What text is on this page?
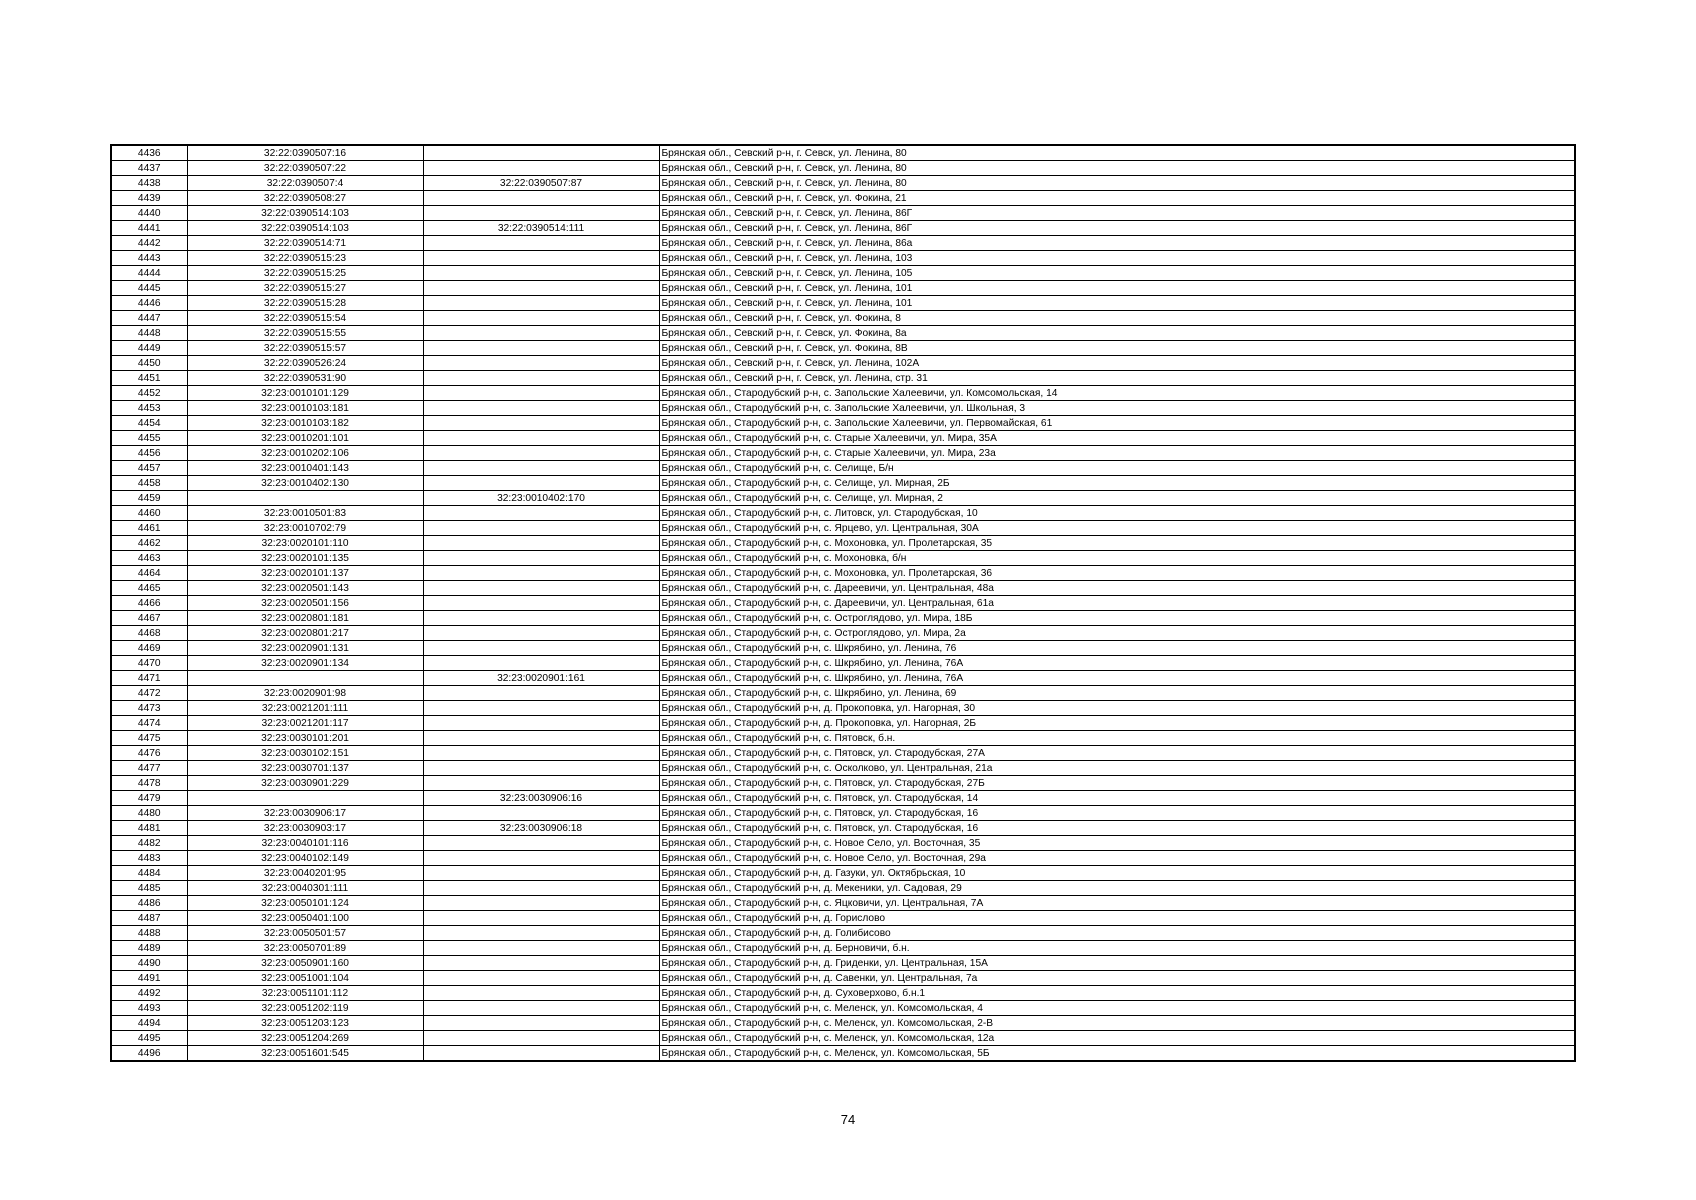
4436	32:22:0390507:16		Брянская обл., Севский р-н, г. Севск, ул. Ленина, 80
4437	32:22:0390507:22		Брянская обл., Севский р-н, г. Севск, ул. Ленина, 80
4438	32:22:0390507:4	32:22:0390507:87	Брянская обл., Севский р-н, г. Севск, ул. Ленина, 80
4439	32:22:0390508:27		Брянская обл., Севский р-н, г. Севск, ул. Фокина, 21
4440	32:22:0390514:103		Брянская обл., Севский р-н, г. Севск, ул. Ленина, 86Г
4441	32:22:0390514:103	32:22:0390514:111	Брянская обл., Севский р-н, г. Севск, ул. Ленина, 86Г
4442	32:22:0390514:71		Брянская обл., Севский р-н, г. Севск, ул. Ленина, 86а
4443	32:22:0390515:23		Брянская обл., Севский р-н, г. Севск, ул. Ленина, 103
4444	32:22:0390515:25		Брянская обл., Севский р-н, г. Севск, ул. Ленина, 105
4445	32:22:0390515:27		Брянская обл., Севский р-н, г. Севск, ул. Ленина, 101
4446	32:22:0390515:28		Брянская обл., Севский р-н, г. Севск, ул. Ленина, 101
4447	32:22:0390515:54		Брянская обл., Севский р-н, г. Севск, ул. Фокина, 8
4448	32:22:0390515:55		Брянская обл., Севский р-н, г. Севск, ул. Фокина, 8а
4449	32:22:0390515:57		Брянская обл., Севский р-н, г. Севск, ул. Фокина, 8В
4450	32:22:0390526:24		Брянская обл., Севский р-н, г. Севск, ул. Ленина, 102А
4451	32:22:0390531:90		Брянская обл., Севский р-н, г. Севск, ул. Ленина, стр. 31
4452	32:23:0010101:129		Брянская обл., Стародубский р-н, с. Запольские Халеевичи, ул. Комсомольская, 14
4453	32:23:0010103:181		Брянская обл., Стародубский р-н, с. Запольские Халеевичи, ул. Школьная, 3
4454	32:23:0010103:182		Брянская обл., Стародубский р-н, с. Запольские Халеевичи, ул. Первомайская, 61
4455	32:23:0010201:101		Брянская обл., Стародубский р-н, с. Старые Халеевичи, ул. Мира, 35А
4456	32:23:0010202:106		Брянская обл., Стародубский р-н, с. Старые Халеевичи, ул. Мира, 23а
4457	32:23:0010401:143		Брянская обл., Стародубский р-н, с. Селище, Б/н
4458	32:23:0010402:130		Брянская обл., Стародубский р-н, с. Селище, ул. Мирная, 2Б
4459		32:23:0010402:170	Брянская обл., Стародубский р-н, с. Селище, ул. Мирная, 2
4460	32:23:0010501:83		Брянская обл., Стародубский р-н, с. Литовск, ул. Стародубская, 10
4461	32:23:0010702:79		Брянская обл., Стародубский р-н, с. Ярцево, ул. Центральная, 30А
4462	32:23:0020101:110		Брянская обл., Стародубский р-н, с. Мохоновка, ул. Пролетарская, 35
4463	32:23:0020101:135		Брянская обл., Стародубский р-н, с. Мохоновка, б/н
4464	32:23:0020101:137		Брянская обл., Стародубский р-н, с. Мохоновка, ул. Пролетарская, 36
4465	32:23:0020501:143		Брянская обл., Стародубский р-н, с. Дареевичи, ул. Центральная, 48а
4466	32:23:0020501:156		Брянская обл., Стародубский р-н, с. Дареевичи, ул. Центральная, 61а
4467	32:23:0020801:181		Брянская обл., Стародубский р-н, с. Остроглядово, ул. Мира, 18Б
4468	32:23:0020801:217		Брянская обл., Стародубский р-н, с. Остроглядово, ул. Мира, 2а
4469	32:23:0020901:131		Брянская обл., Стародубский р-н, с. Шкрябино, ул. Ленина, 76
4470	32:23:0020901:134		Брянская обл., Стародубский р-н, с. Шкрябино, ул. Ленина, 76А
4471		32:23:0020901:161	Брянская обл., Стародубский р-н, с. Шкрябино, ул. Ленина, 76А
4472	32:23:0020901:98		Брянская обл., Стародубский р-н, с. Шкрябино, ул. Ленина, 69
4473	32:23:0021201:111		Брянская обл., Стародубский р-н, д. Прокоповка, ул. Нагорная, 30
4474	32:23:0021201:117		Брянская обл., Стародубский р-н, д. Прокоповка, ул. Нагорная, 2Б
4475	32:23:0030101:201		Брянская обл., Стародубский р-н, с. Пятовск, б.н.
4476	32:23:0030102:151		Брянская обл., Стародубский р-н, с. Пятовск, ул. Стародубская, 27А
4477	32:23:0030701:137		Брянская обл., Стародубский р-н, с. Осколково, ул. Центральная, 21а
4478	32:23:0030901:229		Брянская обл., Стародубский р-н, с. Пятовск, ул. Стародубская, 27Б
4479		32:23:0030906:16	Брянская обл., Стародубский р-н, с. Пятовск, ул. Стародубская, 14
4480	32:23:0030906:17		Брянская обл., Стародубский р-н, с. Пятовск, ул. Стародубская, 16
4481	32:23:0030903:17	32:23:0030906:18	Брянская обл., Стародубский р-н, с. Пятовск, ул. Стародубская, 16
4482	32:23:0040101:116		Брянская обл., Стародубский р-н, с. Новое Село, ул. Восточная, 35
4483	32:23:0040102:149		Брянская обл., Стародубский р-н, с. Новое Село, ул. Восточная, 29а
4484	32:23:0040201:95		Брянская обл., Стародубский р-н, д. Газуки, ул. Октябрьская, 10
4485	32:23:0040301:111		Брянская обл., Стародубский р-н, д. Мекеники, ул. Садовая, 29
4486	32:23:0050101:124		Брянская обл., Стародубский р-н, с. Яцковичи, ул. Центральная, 7А
4487	32:23:0050401:100		Брянская обл., Стародубский р-н, д. Горислово
4488	32:23:0050501:57		Брянская обл., Стародубский р-н, д. Голибисово
4489	32:23:0050701:89		Брянская обл., Стародубский р-н, д. Берновичи, б.н.
4490	32:23:0050901:160		Брянская обл., Стародубский р-н, д. Гриденки, ул. Центральная, 15А
4491	32:23:0051001:104		Брянская обл., Стародубский р-н, д. Савенки, ул. Центральная, 7а
4492	32:23:0051101:112		Брянская обл., Стародубский р-н, д. Суховерхово, б.н.1
4493	32:23:0051202:119		Брянская обл., Стародубский р-н, с. Меленск, ул. Комсомольская, 4
4494	32:23:0051203:123		Брянская обл., Стародубский р-н, с. Меленск, ул. Комсомольская, 2-В
4495	32:23:0051204:269		Брянская обл., Стародубский р-н, с. Меленск, ул. Комсомольская, 12а
4496	32:23:0051601:545		Брянская обл., Стародубский р-н, с. Меленск, ул. Комсомольская, 5Б
74
